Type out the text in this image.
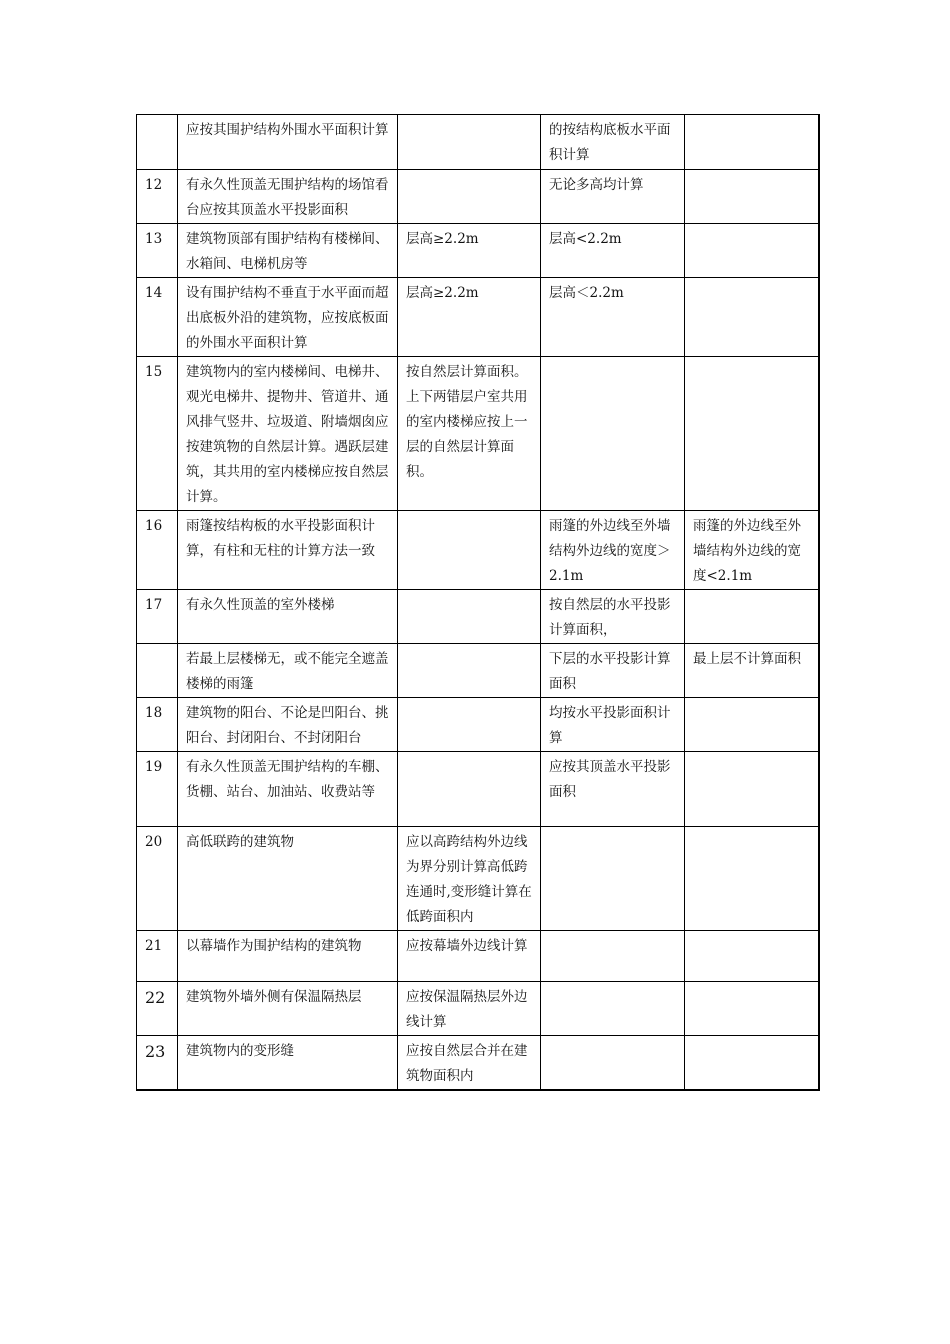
	应按其围护结构外围水平面积计算		的按结构底板水平面积计算	
12	有永久性顶盖无围护结构的场馆看台应按其顶盖水平投影面积		无论多高均计算	
13	建筑物顶部有围护结构有楼梯间、水箱间、电梯机房等	层高≥2.2m	层高<2.2m	
14	设有围护结构不垂直于水平面而超出底板外沿的建筑物，应按底板面的外围水平面积计算	层高≥2.2m	层高＜2.2m	
15	建筑物内的室内楼梯间、电梯井、观光电梯井、提物井、管道井、通风排气竖井、垃圾道、附墙烟囱应按建筑物的自然层计算。遇跃层建筑，其共用的室内楼梯应按自然层计算。	按自然层计算面积。上下两错层户室共用的室内楼梯应按上一层的自然层计算面积。		
16	雨篷按结构板的水平投影面积计算，有柱和无柱的计算方法一致		雨篷的外边线至外墙结构外边线的宽度＞2.1m	雨篷的外边线至外墙结构外边线的宽度<2.1m
17	有永久性顶盖的室外楼梯		按自然层的水平投影计算面积，	
	若最上层楼梯无，或不能完全遮盖楼梯的雨篷		下层的水平投影计算面积	最上层不计算面积
18	建筑物的阳台、不论是凹阳台、挑阳台、封闭阳台、不封闭阳台		均按水平投影面积计算	
19	有永久性顶盖无围护结构的车棚、货棚、站台、加油站、收费站等		应按其顶盖水平投影面积	
20	高低联跨的建筑物	应以高跨结构外边线为界分别计算高低跨连通时,变形缝计算在低跨面积内		
21	以幕墙作为围护结构的建筑物	应按幕墙外边线计算		
22	建筑物外墙外侧有保温隔热层	应按保温隔热层外边线计算		
23	建筑物内的变形缝	应按自然层合并在建筑物面积内		
